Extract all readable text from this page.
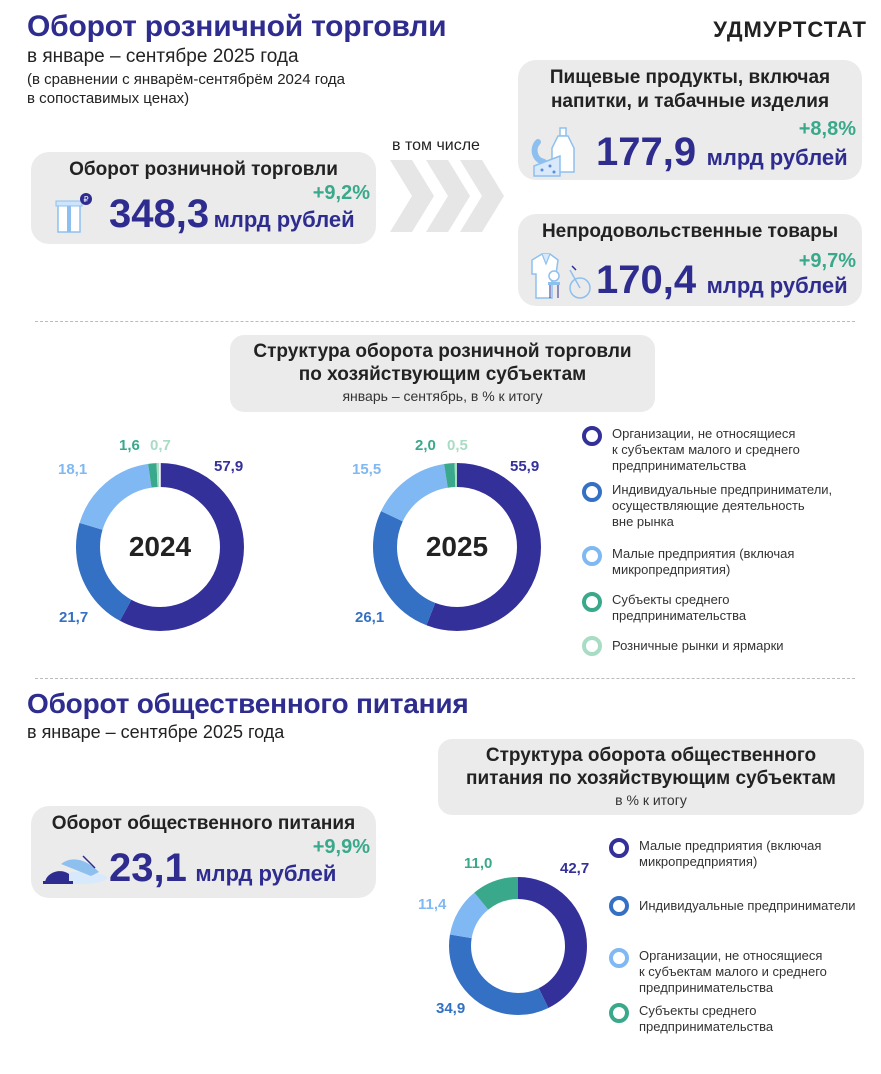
Оборот розничной торговли
в январе – сентябре 2025 года
(в сравнении с январём-сентябрём 2024 года
в сопоставимых ценах)
УДМУРТСТАТ
Оборот розничной торговли
+9,2%
₽ 348,3 млрд рублей
в том числе
Пищевые продукты, включая
напитки, и табачные изделия
+8,8%
177,9 млрд рублей
Непродовольственные товары
+9,7%
170,4 млрд рублей
Структура оборота розничной торговли
по хозяйствующим субъектам
январь – сентябрь, в % к итогу
2024
57,9
21,7
18,1
1,6 0,7
2025
55,9
26,1
15,5
2,0 0,5
Организации, не относящиеся
к субъектам малого и среднего
предпринимательства
Индивидуальные предприниматели,
осуществляющие деятельность
вне рынка
Малые предприятия (включая
микропредприятия)
Субъекты среднего
предпринимательства
Розничные рынки и ярмарки
Оборот общественного питания
в январе – сентябре 2025 года
Оборот общественного питания
+9,9%
23,1 млрд рублей
Структура оборота общественного
питания по хозяйствующим субъектам
в % к итогу
42,7
34,9
11,4
11,0
Малые предприятия (включая
микропредприятия)
Индивидуальные предприниматели
Организации, не относящиеся
к субъектам малого и среднего
предпринимательства
Субъекты среднего
предпринимательства
